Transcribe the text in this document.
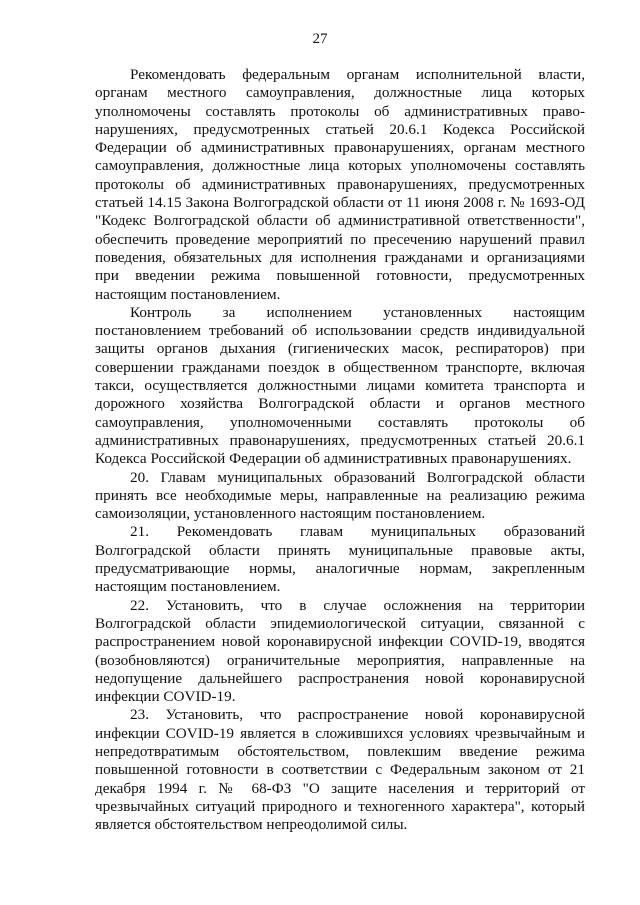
27

Рекомендовать федеральным органам исполнительной власти, органам местного самоуправления, должностные лица которых уполномочены составлять протоколы об административных правонарушениях, предусмотренных статьей 20.6.1 Кодекса Российской Федерации об административных правонарушениях, органам местного самоуправления, должностные лица которых уполномочены составлять протоколы об административных правонарушениях, предусмотренных статьей 14.15 Закона Волгоградской области от 11 июня 2008 г. № 1693-ОД "Кодекс Волгоградской области об административной ответственности", обеспечить проведение мероприятий по пресечению нарушений правил поведения, обязательных для исполнения гражданами и организациями при введении режима повышенной готовности, предусмотренных настоящим постановлением.

Контроль за исполнением установленных настоящим постановлением требований об использовании средств индивидуальной защиты органов дыхания (гигиенических масок, респираторов) при совершении гражданами поездок в общественном транспорте, включая такси, осуществляется должностными лицами комитета транспорта и дорожного хозяйства Волгоградской области и органов местного самоуправления, уполномоченными составлять протоколы об административных правонарушениях, предусмотренных статьей 20.6.1 Кодекса Российской Федерации об административных правонарушениях.

20. Главам муниципальных образований Волгоградской области принять все необходимые меры, направленные на реализацию режима самоизоляции, установленного настоящим постановлением.

21. Рекомендовать главам муниципальных образований Волгоградской области принять муниципальные правовые акты, предусматривающие нормы, аналогичные нормам, закрепленным настоящим постановлением.

22. Установить, что в случае осложнения на территории Волгоградской области эпидемиологической ситуации, связанной с распространением новой коронавирусной инфекции COVID-19, вводятся (возобновляются) ограничительные мероприятия, направленные на недопущение дальнейшего распространения новой коронавирусной инфекции COVID-19.

23. Установить, что распространение новой коронавирусной инфекции COVID-19 является в сложившихся условиях чрезвычайным и непредотвратимым обстоятельством, повлекшим введение режима повышенной готовности в соответствии с Федеральным законом от 21 декабря 1994 г. № 68-ФЗ "О защите населения и территорий от чрезвычайных ситуаций природного и техногенного характера", который является обстоятельством непреодолимой силы.
